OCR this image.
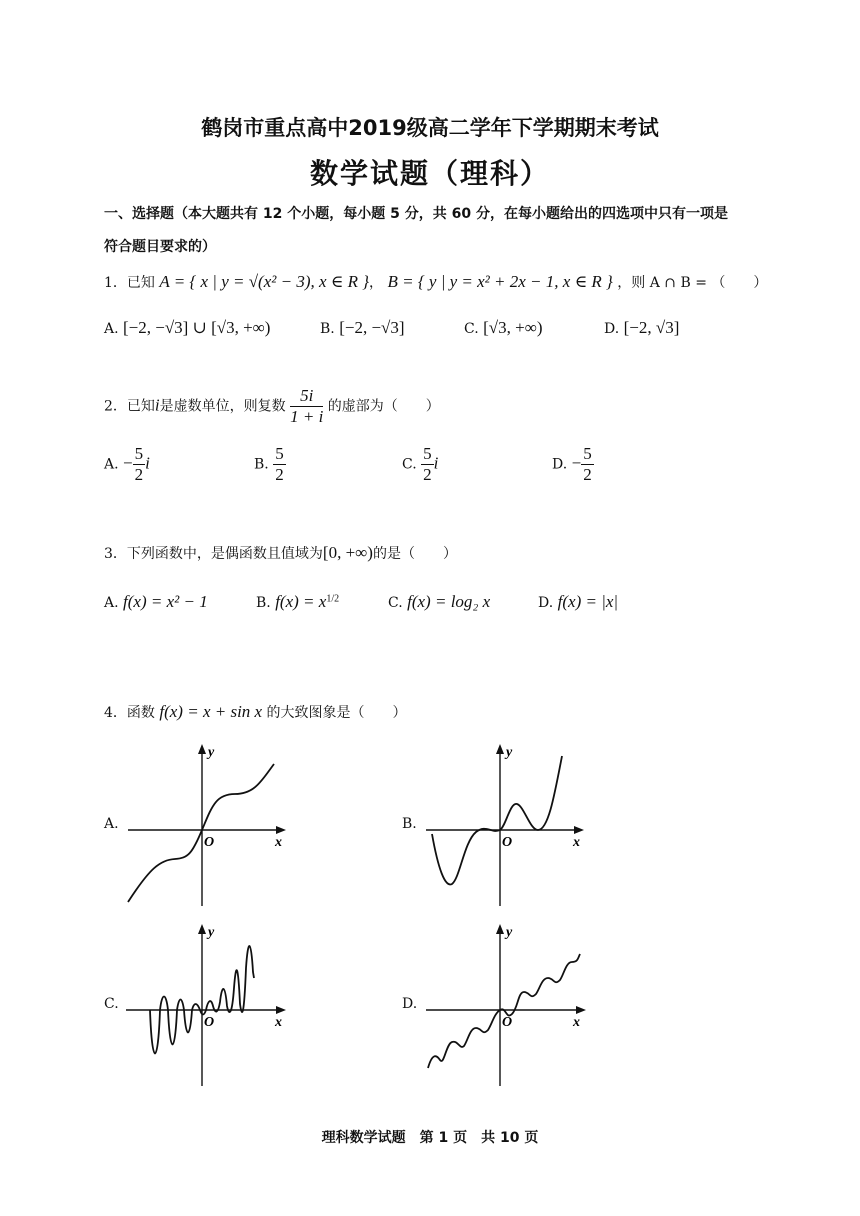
鹤岗市重点高中2019级高二学年下学期期末考试
数学试题（理科）
一、选择题（本大题共有 12 个小题，每小题 5 分，共 60 分，在每小题给出的四选项中只有一项是
符合题目要求的）
1．已知 A = { x | y = √(x² − 3), x ∈ R }， B = { y | y = x² + 2x − 1, x ∈ R } ，则 A ∩ B = （　　）
A. [−2, −√3] ∪ [√3, +∞)	B. [−2, −√3]	C. [√3, +∞)	D. [−2, √3]
2．已知i是虚数单位，则复数 $\frac{5i}{1 + i}$ 的虚部为（　　）
A. − $\frac{5}{2}$ i	B. $\frac{5}{2}$	C. $\frac{5}{2}$ i	D. − $\frac{5}{2}$
3．下列函数中，是偶函数且值域为[0, +∞)的是（　　）
A. f(x) = x² − 1	B. $f(x) = x^{1/2}$	C. f(x) = log₂ x	D. f(x) = |x|
4．函数 f(x) = x + sin x 的大致图象是（　　）
A.
y
x
O
B.
y
x
O
C.
y
x
O
D.
y
x
O
理科数学试题　第 1 页　共 10 页
